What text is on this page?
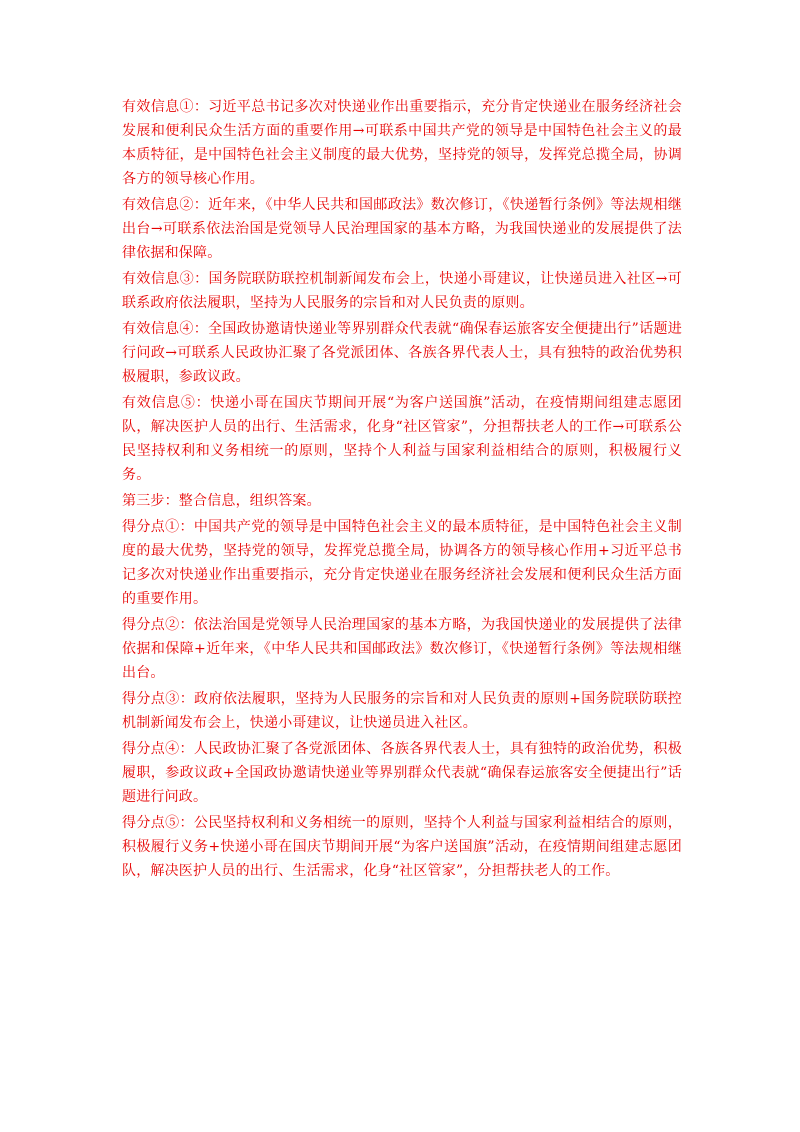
有效信息①：习近平总书记多次对快递业作出重要指示，充分肯定快递业在服务经济社会发展和便利民众生活方面的重要作用→可联系中国共产党的领导是中国特色社会主义的最本质特征，是中国特色社会主义制度的最大优势，坚持党的领导，发挥党总揽全局，协调各方的领导核心作用。

有效信息②：近年来，《中华人民共和国邮政法》数次修订，《快递暂行条例》等法规相继出台→可联系依法治国是党领导人民治理国家的基本方略，为我国快递业的发展提供了法律依据和保障。

有效信息③：国务院联防联控机制新闻发布会上，快递小哥建议，让快递员进入社区→可联系政府依法履职，坚持为人民服务的宗旨和对人民负责的原则。

有效信息④：全国政协邀请快递业等界别群众代表就“确保春运旅客安全便捷出行”话题进行问政→可联系人民政协汇聚了各党派团体、各族各界代表人士，具有独特的政治优势积极履职，参政议政。

有效信息⑤：快递小哥在国庆节期间开展“为客户送国旗”活动，在疫情期间组建志愿团队，解决医护人员的出行、生活需求，化身“社区管家”，分担帮扶老人的工作→可联系公民坚持权利和义务相统一的原则，坚持个人利益与国家利益相结合的原则，积极履行义务。

第三步：整合信息，组织答案。

得分点①：中国共产党的领导是中国特色社会主义的最本质特征，是中国特色社会主义制度的最大优势，坚持党的领导，发挥党总揽全局，协调各方的领导核心作用+习近平总书记多次对快递业作出重要指示，充分肯定快递业在服务经济社会发展和便利民众生活方面的重要作用。

得分点②：依法治国是党领导人民治理国家的基本方略，为我国快递业的发展提供了法律依据和保障+近年来，《中华人民共和国邮政法》数次修订，《快递暂行条例》等法规相继出台。

得分点③：政府依法履职，坚持为人民服务的宗旨和对人民负责的原则+国务院联防联控机制新闻发布会上，快递小哥建议，让快递员进入社区。

得分点④：人民政协汇聚了各党派团体、各族各界代表人士，具有独特的政治优势，积极履职，参政议政+全国政协邀请快递业等界别群众代表就“确保春运旅客安全便捷出行”话题进行问政。

得分点⑤：公民坚持权利和义务相统一的原则，坚持个人利益与国家利益相结合的原则，积极履行义务+快递小哥在国庆节期间开展“为客户送国旗”活动，在疫情期间组建志愿团队，解决医护人员的出行、生活需求，化身“社区管家”，分担帮扶老人的工作。
